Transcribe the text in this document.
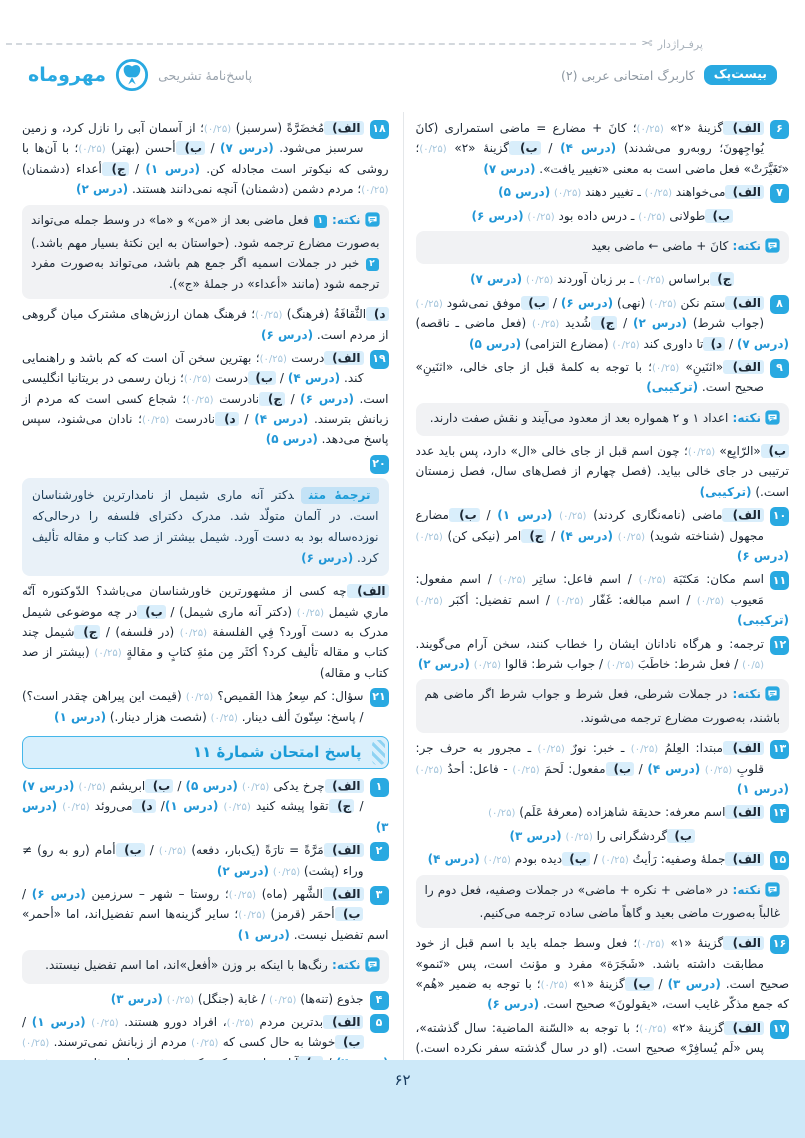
پرفـراژدار
✂
بیست‌پک
کاربرگ امتحانی عربی (۲)
پاسخ‌نامهٔ تشریحی
مهروماه
۶
الف) گزینهٔ «۲» (۰/۲۵)؛ کانَ + مضارع = ماضی استمراری (کانَ یُواجِهونَ؛ روبه‌رو می‌شدند) (درس ۴) / ب) گزینهٔ «۲» (۰/۲۵)؛ «تَغَیَّرَتْ» فعل ماضی است به معنی «تغییر یافت». (درس ۷)
۷
الف) می‌خواهند (۰/۲۵) ـ تغییر دهند (۰/۲۵) (درس ۵)
ب) طولانی (۰/۲۵) ـ درس داده بود (۰/۲۵) (درس ۶)
نکته: کانَ + ماضی ← ماضی بعید
ج) براساس (۰/۲۵) ـ بر زبان آوردند (۰/۲۵) (درس ۷)
۸
الف) ستم نکن (۰/۲۵) (نهی) (درس ۶) / ب) موفق نمی‌شود (۰/۲۵) (جواب شرط) (درس ۲) / ج) شُدید (۰/۲۵) (فعل ماضی ـ ناقصه) (درس ۷) / د) تا داوری کند (۰/۲۵) (مضارع التزامی) (درس ۵)
۹
الف) «اثنَینِ» (۰/۲۵)؛ با توجه به کلمهٔ قبل از جای خالی، «اثنَینِ» صحیح است. (ترکیبی)
نکته: اعداد ۱ و ۲ همواره بعد از معدود می‌آیند و نقش صفت دارند.
ب) «الرّابِع» (۰/۲۵)؛ چون اسم قبل از جای خالی «ال» دارد، پس باید عدد ترتیبی در جای خالی بیاید. (فصل چهارم از فصل‌های سال، فصل زمستان است.) (ترکیبی)
۱۰
الف) ماضی (نامه‌نگاری کردند) (۰/۲۵) (درس ۱) / ب) مضارع مجهول (شناخته شوید) (۰/۲۵) (درس ۴) / ج) امر (نیکی کن) (۰/۲۵) (درس ۶)
۱۱
اسم مکان: مَکتَبَة (۰/۲۵) / اسم فاعل: ساتِر (۰/۲۵) / اسم مفعول: مَعیوب (۰/۲۵) / اسم مبالغه: غَفّار (۰/۲۵) / اسم تفضیل: أکبَر (۰/۲۵) (ترکیبی)
۱۲
ترجمه: و هرگاه نادانان ایشان را خطاب کنند، سخن آرام می‌گویند. (۰/۵) / فعل شرط: خاطَبَ (۰/۲۵) / جواب شرط: قالوا (۰/۲۵) (درس ۲)
نکته: در جملات شرطی، فعل شرط و جواب شرط اگر ماضی هم باشند، به‌صورت مضارع ترجمه می‌شوند.
۱۳
الف) مبتدا: العِلمُ (۰/۲۵) ـ خبر: نورٌ (۰/۲۵) ـ مجرور به حرف جر: قلوبِ (۰/۲۵) (درس ۴) / ب) مفعول: لَحمَ (۰/۲۵) - فاعل: أحدُ (۰/۲۵) (درس ۱)
۱۴
الف) اسم معرفه: حدیقة شاهزاده (معرفهٔ عَلَم) (۰/۲۵)
ب) گردشگرانی را (۰/۲۵) (درس ۳)
۱۵
الف) جملهٔ وصفیه: رَأیتُ (۰/۲۵) / ب) دیده بودم (۰/۲۵) (درس ۴)
نکته: در «ماضی + نکره + ماضی» در جملات وصفیه، فعل دوم را غالباً به‌صورت ماضی بعید و گاهاً ماضی ساده ترجمه می‌کنیم.
۱۶
الف) گزینهٔ «۱» (۰/۲۵)؛ فعل وسط جمله باید با اسم قبل از خود مطابقت داشته باشد. «شَجَرَة» مفرد و مؤنث است، پس «تَنمو» صحیح است. (درس ۳) / ب) گزینهٔ «۱» (۰/۲۵)؛ با توجه به ضمیر «هُم» که جمع مذکّر غایب است، «یقولونَ» صحیح است. (درس ۶)
۱۷
الف) گزینهٔ «۲» (۰/۲۵)؛ با توجه به «السّنة الماضیة: سال گذشته»، پس «لَم یُسافِرْ» صحیح است. (او در سال گذشته سفر نکرده است.)
۱۸
الف) مُخضَرَّةً (سرسبز) (۰/۲۵)؛ از آسمان آبی را نازل کرد، و زمین سرسبز می‌شود. (درس ۷) / ب) أحسن (بهتر) (۰/۲۵)؛ با آن‌ها با روشی که نیکوتر است مجادله کن. (درس ۱) / ج) أعداء (دشمنان) (۰/۲۵)؛ مردم دشمن (دشمنان) آنچه نمی‌دانند هستند. (درس ۲)
نکته: ۱ فعل ماضی بعد از «من» و «ما» در وسط جمله می‌تواند به‌صورت مضارع ترجمه شود. (حواستان به این نکتهٔ بسیار مهم باشد.) ۲ خبر در جملات اسمیه اگر جمع هم باشد، می‌تواند به‌صورت مفرد ترجمه شود (مانند «أعداء» در جملهٔ «ج»).
د) الثَّقافَةُ (فرهنگ) (۰/۲۵)؛ فرهنگ همان ارزش‌های مشترک میان گروهی از مردم است. (درس ۶)
۱۹
الف) درست (۰/۲۵)؛ بهترین سخن آن است که کم باشد و راهنمایی کند. (درس ۴) / ب) درست (۰/۲۵)؛ زبان رسمی در بریتانیا انگلیسی است. (درس ۶) / ج) نادرست (۰/۲۵)؛ شجاع کسی است که مردم از زبانش بترسند. (درس ۴) / د) نادرست (۰/۲۵)؛ نادان می‌شنود، سپس پاسخ می‌دهد. (درس ۵)
۲۰

ترجمهٔ متندکتر آنه ماری شیمل از نامدارترین خاورشناسان است. در آلمان متولّد شد. مدرک دکترای فلسفه را درحالی‌که نوزده‌ساله بود به دست آورد. شیمل بیشتر از صد کتاب و مقاله تألیف کرد. (درس ۶)
الف) چه کسی از مشهورترین خاورشناسان می‌باشد؟ الدّوکتوره آنّه ماري شیمل (۰/۲۵) (دکتر آنه ماری شیمل) / ب) در چه موضوعی شیمل مدرک به دست آورد؟ فِي الفلسفة (۰/۲۵) (در فلسفه) / ج) شیمل چند کتاب و مقاله تألیف کرد؟ أکثَر مِن مئةِ کتابٍ و مقالةٍ (۰/۲۵) (بیشتر از صد کتاب و مقاله)
۲۱
سؤال: کم سِعرُ هذا القمیص؟ (۰/۲۵) (قیمت این پیراهن چقدر است؟) / پاسخ: سِتّونَ ألف دینار. (۰/۲۵) (شصت هزار دینار.) (درس ۱)
پاسخ امتحان شمارهٔ ۱۱
۱
الف) چرخ یدکی (۰/۲۵) (درس ۵) / ب) ابریشم (۰/۲۵) (درس ۷) / ج) تقوا پیشه کنید (۰/۲۵) (درس ۱)/ د) می‌روئد (۰/۲۵) (درس ۳)
۲
الف) مَرَّةً = تارَةً (یک‌بار، دفعه) (۰/۲۵) / ب) أمام (رو به رو) ≠ وراء (پشت) (۰/۲۵) (درس ۲)
۳
الف) الشَّهر (ماه) (۰/۲۵)؛ روستا – شهر – سرزمین (درس ۶) / ب) أحمَر (قرمز) (۰/۲۵)؛ سایر گزینه‌ها اسم تفضیل‌اند، اما «أحمر» اسم تفضیل نیست. (درس ۱)
نکته: رنگ‌ها با اینکه بر وزن «أفعل»اند، اما اسم تفضیل نیستند.
۴
جذوع (تنه‌ها) (۰/۲۵) / غابة (جنگل) (۰/۲۵) (درس ۳)
۵
الف) بدترین مردم (۰/۲۵)، افراد دورو هستند. (۰/۲۵) (درس ۱) / ب) خوشا به حال کسی که (۰/۲۵) مردم از زبانش نمی‌ترسند. (۰/۲۵)
۶۲
